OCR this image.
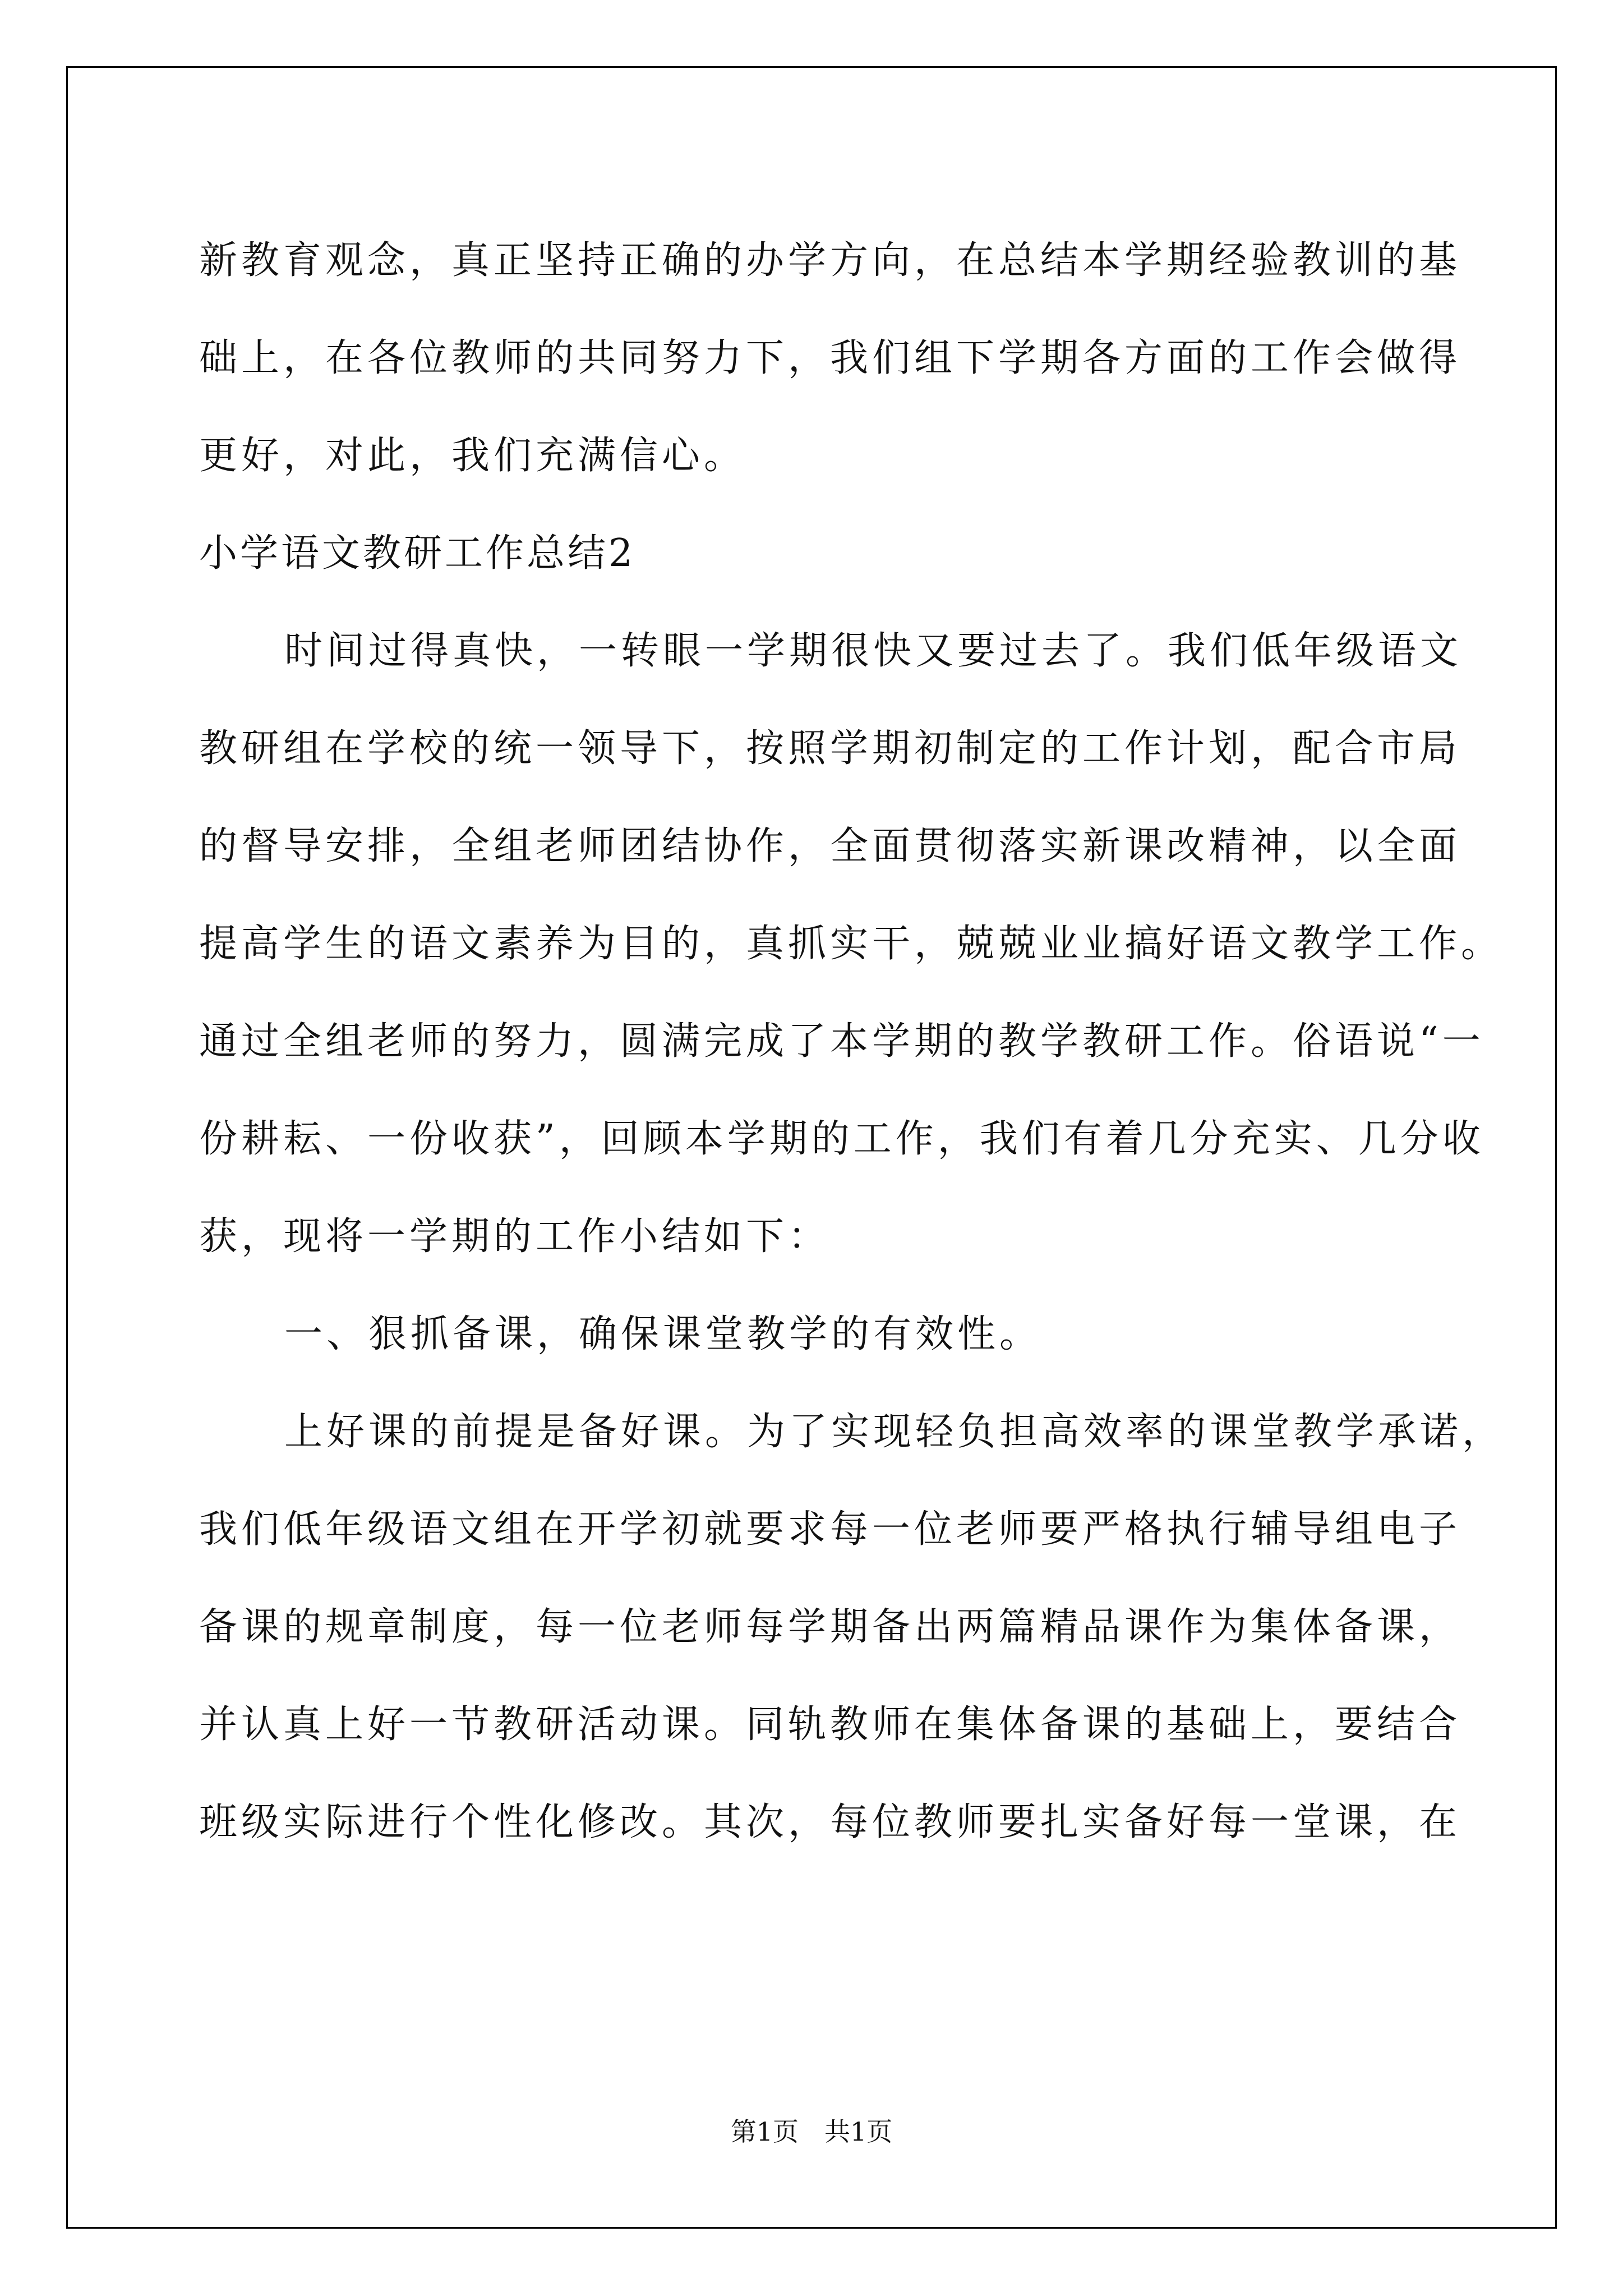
新教育观念，真正坚持正确的办学方向，在总结本学期经验教训的基

础上，在各位教师的共同努力下，我们组下学期各方面的工作会做得

更好，对此，我们充满信心。

小学语文教研工作总结2

时间过得真快，一转眼一学期很快又要过去了。我们低年级语文

教研组在学校的统一领导下，按照学期初制定的工作计划，配合市局

的督导安排，全组老师团结协作，全面贯彻落实新课改精神，以全面

提高学生的语文素养为目的，真抓实干，兢兢业业搞好语文教学工作。

通过全组老师的努力，圆满完成了本学期的教学教研工作。俗语说“一

份耕耘、一份收获”，回顾本学期的工作，我们有着几分充实、几分收

获，现将一学期的工作小结如下：

一、狠抓备课，确保课堂教学的有效性。

上好课的前提是备好课。为了实现轻负担高效率的课堂教学承诺，

我们低年级语文组在开学初就要求每一位老师要严格执行辅导组电子

备课的规章制度，每一位老师每学期备出两篇精品课作为集体备课，

并认真上好一节教研活动课。同轨教师在集体备课的基础上，要结合

班级实际进行个性化修改。其次，每位教师要扎实备好每一堂课，在

第1页 共1页
